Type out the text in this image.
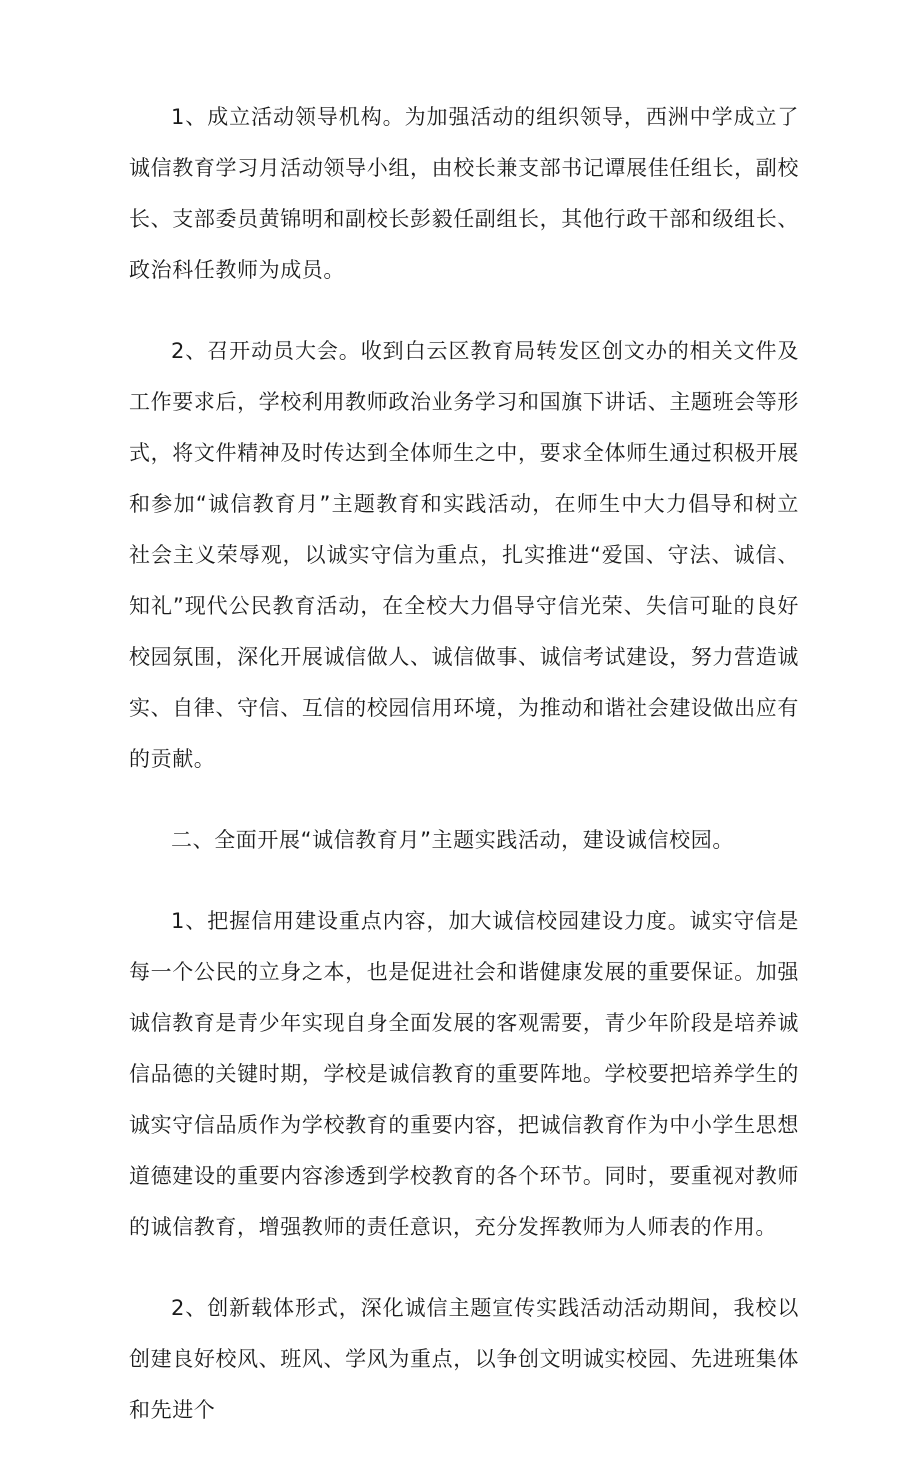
1、成立活动领导机构。为加强活动的组织领导，西洲中学成立了诚信教育学习月活动领导小组，由校长兼支部书记谭展佳任组长，副校长、支部委员黄锦明和副校长彭毅任副组长，其他行政干部和级组长、政治科任教师为成员。

2、召开动员大会。收到白云区教育局转发区创文办的相关文件及工作要求后，学校利用教师政治业务学习和国旗下讲话、主题班会等形式，将文件精神及时传达到全体师生之中，要求全体师生通过积极开展和参加“诚信教育月”主题教育和实践活动，在师生中大力倡导和树立社会主义荣辱观，以诚实守信为重点，扎实推进“爱国、守法、诚信、知礼”现代公民教育活动，在全校大力倡导守信光荣、失信可耻的良好校园氛围，深化开展诚信做人、诚信做事、诚信考试建设，努力营造诚实、自律、守信、互信的校园信用环境，为推动和谐社会建设做出应有的贡献。

二、全面开展“诚信教育月”主题实践活动，建设诚信校园。

1、把握信用建设重点内容，加大诚信校园建设力度。诚实守信是每一个公民的立身之本，也是促进社会和谐健康发展的重要保证。加强诚信教育是青少年实现自身全面发展的客观需要，青少年阶段是培养诚信品德的关键时期，学校是诚信教育的重要阵地。学校要把培养学生的诚实守信品质作为学校教育的重要内容，把诚信教育作为中小学生思想道德建设的重要内容渗透到学校教育的各个环节。同时，要重视对教师的诚信教育，增强教师的责任意识，充分发挥教师为人师表的作用。

2、创新载体形式，深化诚信主题宣传实践活动活动期间，我校以创建良好校风、班风、学风为重点，以争创文明诚实校园、先进班集体和先进个
